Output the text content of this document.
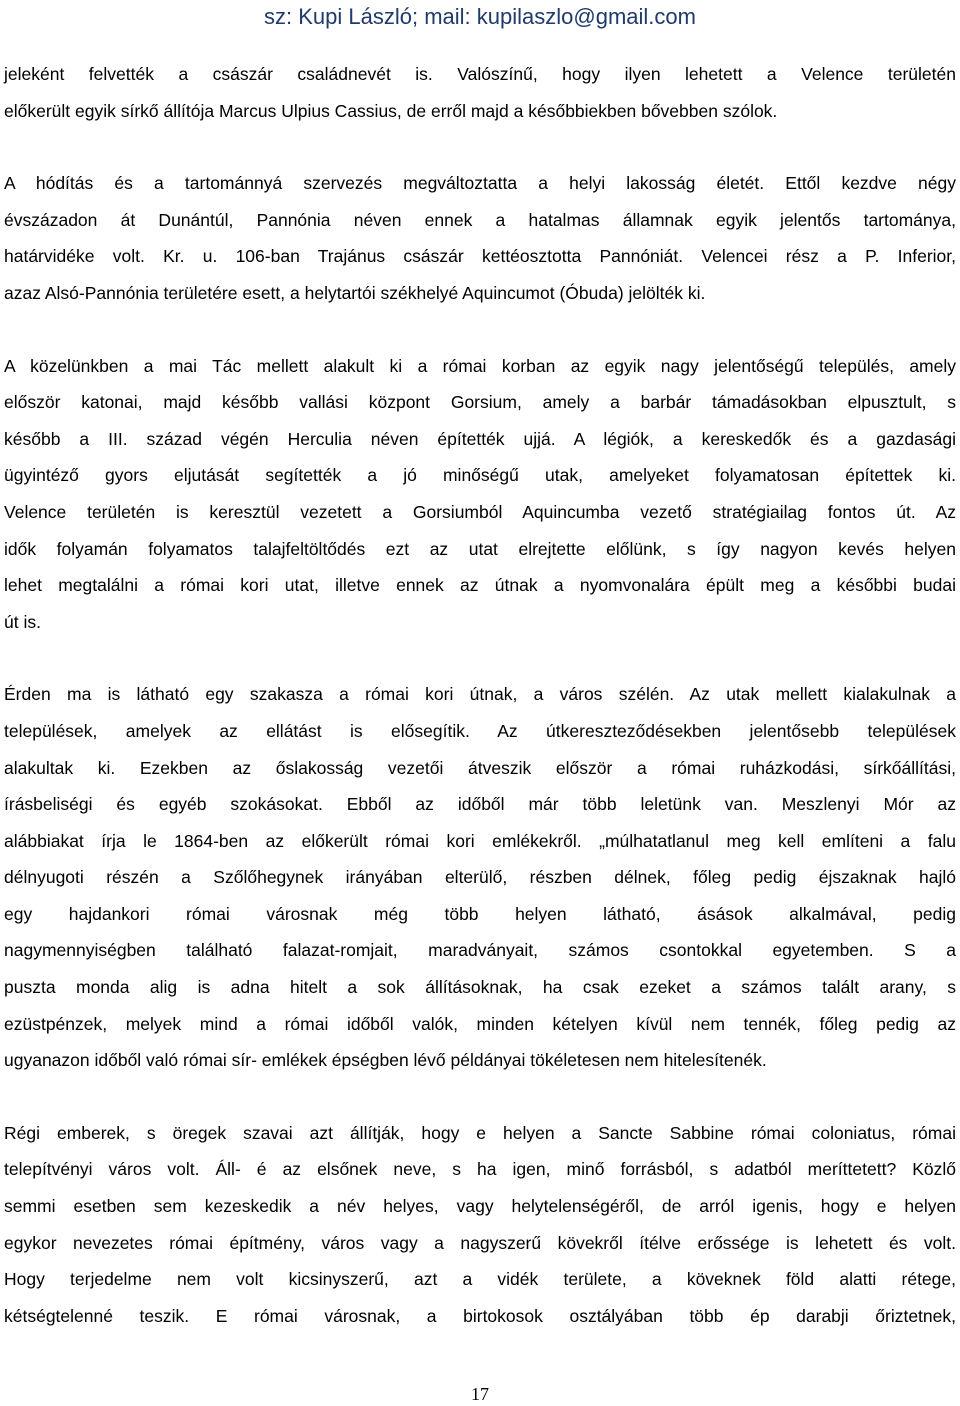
sz: Kupi László; mail: kupilaszlo@gmail.com
jeleként felvették a császár családnevét is. Valószínű, hogy ilyen lehetett a Velence területén
előkerült egyik sírkő állítója Marcus Ulpius Cassius, de erről majd a későbbiekben bővebben szólok.
A hódítás és a tartománnyá szervezés megváltoztatta a helyi lakosság életét. Ettől kezdve négy
évszázadon át Dunántúl, Pannónia néven ennek a hatalmas államnak egyik jelentős tartománya,
határvidéke volt. Kr. u. 106-ban Trajánus császár kettéosztotta Pannóniát. Velencei rész a P. Inferior,
azaz Alsó-Pannónia területére esett, a helytartói székhelyé Aquincumot (Óbuda) jelölték ki.
A közelünkben a mai Tác mellett alakult ki a római korban az egyik nagy jelentőségű település, amely
először katonai, majd később vallási központ Gorsium, amely a barbár támadásokban elpusztult, s
később a III. század végén Herculia néven építették ujjá. A légiók, a kereskedők és a gazdasági
ügyintéző gyors eljutását segítették a jó minőségű utak, amelyeket folyamatosan építettek ki.
Velence területén is keresztül vezetett a Gorsiumból Aquincumba vezető stratégiailag fontos út. Az
idők folyamán folyamatos talajfeltöltődés ezt az utat elrejtette előlünk, s így nagyon kevés helyen
lehet megtalálni a római kori utat, illetve ennek az útnak a nyomvonalára épült meg a későbbi budai
út is.
Érden ma is látható egy szakasza a római kori útnak, a város szélén. Az utak mellett kialakulnak a
települések, amelyek az ellátást is elősegítik. Az útkereszteződésekben jelentősebb települések
alakultak ki. Ezekben az őslakosság vezetői átveszik először a római ruházkodási, sírkőállítási,
írásbeliségi és egyéb szokásokat. Ebből az időből már több leletünk van. Meszlenyi Mór az
alábbiakat írja le 1864-ben az előkerült római kori emlékekről. „múlhatatlanul meg kell említeni a falu
délnyugoti részén a Szőlőhegynek irányában elterülő, részben délnek, főleg pedig éjszaknak hajló
egy hajdankori római városnak még több helyen látható, ásások alkalmával, pedig
nagymennyiségben található falazat-romjait, maradványait, számos csontokkal egyetemben. S a
puszta monda alig is adna hitelt a sok állításoknak, ha csak ezeket a számos talált arany, s
ezüstpénzek, melyek mind a római időből valók, minden kételyen kívül nem tennék, főleg pedig az
ugyanazon időből való római sír- emlékek épségben lévő példányai tökéletesen nem hitelesítenék.
Régi emberek, s öregek szavai azt állítják, hogy e helyen a Sancte Sabbine római coloniatus, római
telepítvényi város volt. Áll- é az elsőnek neve, s ha igen, minő forrásból, s adatból meríttetett? Közlő
semmi esetben sem kezeskedik a név helyes, vagy helytelenségéről, de arról igenis, hogy e helyen
egykor nevezetes római építmény, város vagy a nagyszerű kövekről ítélve erőssége is lehetett és volt.
Hogy terjedelme nem volt kicsinyszerű, azt a vidék területe, a köveknek föld alatti rétege,
kétségtelenné teszik. E római városnak, a birtokosok osztályában több ép darabji őriztetnek,
17
